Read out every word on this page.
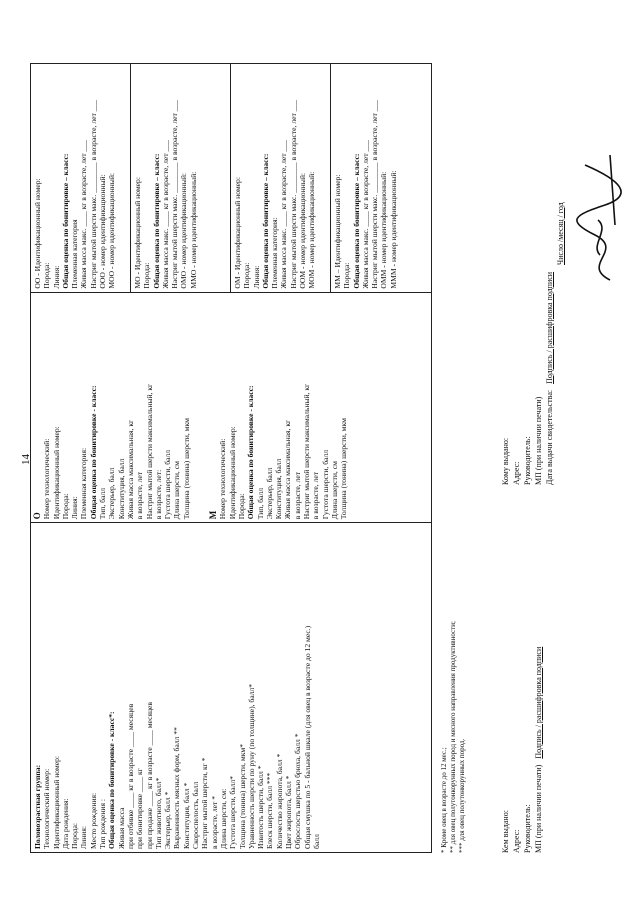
14
Половозрастная группа: Технологический номер: Идентификационный номер: Дата рождения: Порода: Линия: Место рождения: Тип рождения : Общая оценка по бонитировке - класс*: Живая масса при отбивке ____ кг в возрасте ____ месяцев при бонитировке ____ кг при продаже ____ кг в возрасте ____ месяцев Тип животного, балл* Экстерьер, балл * Выраженность мясных форм, балл ** Конституция, балл * Скороспелость, балл Настриг мытой шерсти, кг * в возрасте, лет * Длина шерсти, см: Густота шерсти, балл* Толщина (тонина) шерсти, мкм* Уравненность шерсти по руну (по толщине), балл* Извитость шерсти, балл * Блеск шерсти, балл *** Количество жиропота, балл * Цвет жиропота, балл * Оброслость шерстью брюха, балл * Общая смушка по 5 - бальной шкале (для овец в возрасте до 12 мес.) балл

О Номер технологический: Идентификационный номер: Порода: Линия: Племенная категория: Общая оценка по бонитировке - класс: Тип, балл Экстерьер, балл Конституция, балл Живая масса максимальная, кг в возрасте, лет Настриг мытой шерсти максимальный, кг в возрасте, лет: Густота шерсти, балл Длина шерсти, см Толщина (тонина) шерсти, мкм М Номер технологический: Идентификационный номер: Порода: Общая оценка по бонитировке - класс: Тип, балл Экстерьер, балл Конституция, балл Живая масса максимальная, кг в возрасте, лет Настриг мытой шерсти максимальный, кг в возрасте, лет Густота шерсти, балл Длина шерсти, см Толщина (тонина) шерсти, мкм

ОО - Идентификационный номер: Порода: Линия: Общая оценка по бонитировке – класс: Племенная категория Живая масса макс. ____ кг в возрасте, лет ___ Настриг мытой шерсти макс. ________ в возрасте, лет ___ ООО - номер идентификационный: МОО - номер идентификационный: МО - Идентификационный номер: Порода: Общая оценка по бонитировке – класс: Живая масса макс. ____ кг в возрасте, лет ___ Настриг мытой шерсти макс. ________ в возрасте, лет ___ ОМО - номер идентификационный: ММО - номер идентификационный:	ОМ - Идентификационный номер: Порода: Линия: Общая оценка по бонитировке – класс: Племенная категория: Живая масса макс. ____ кг в возрасте, лет ___ Настриг мытой шерсти макс. ________ в возрасте, лет ___ ООМ - номер идентификационный: МОМ - номер идентификационный: ММ – Идентификационный номер: Порода: Общая оценка по бонитировке – класс: Живая масса макс. ____ кг в возрасте, лет ___ Настриг мытой шерсти макс. ________ в возрасте, лет ___ ОММ - номер идентификационный: МММ - номер идентификационный:
* Кроме овец в возрасте до 12 мес.; ** для овец полутонкорунных пород и мясного направления продуктивности; *** для овец полутонкорунных пород.	Кем выдано: Адрес: Руководитель: МП (при наличии печати)   Подпись / расшифровка подписи
Кому выдано: Адрес: Руководитель: МП (при наличии печати) Дата выдачи свидетельства:   Подпись / расшифровка подписи
Число /месяц / год
